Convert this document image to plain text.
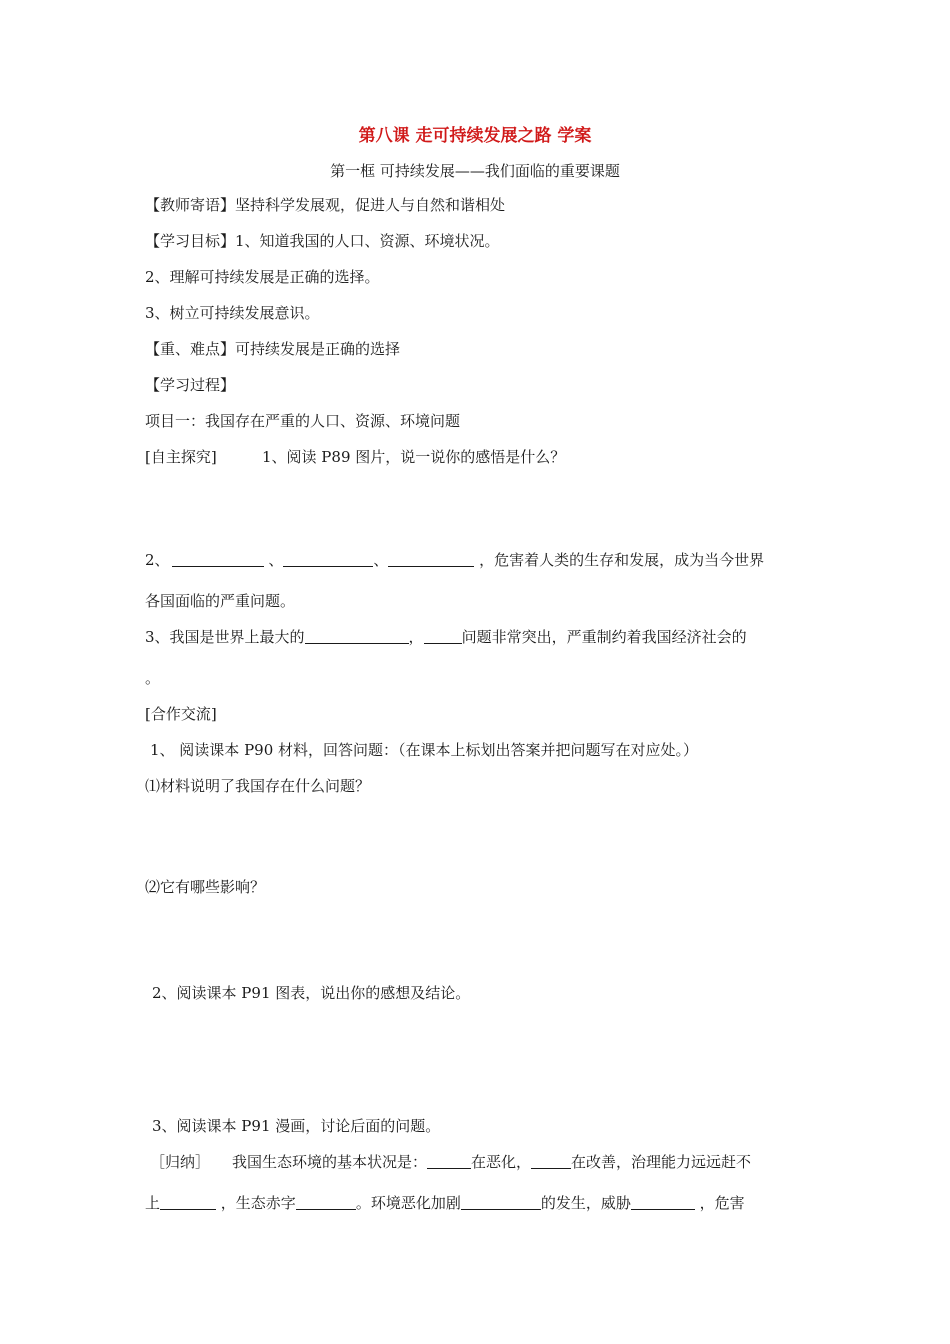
第八课 走可持续发展之路 学案
第一框 可持续发展——我们面临的重要课题
【教师寄语】坚持科学发展观，促进人与自然和谐相处
【学习目标】1、知道我国的人口、资源、环境状况。
2、理解可持续发展是正确的选择。
3、树立可持续发展意识。
【重、难点】可持续发展是正确的选择
【学习过程】
项目一：我国存在严重的人口、资源、环境问题
[自主探究]	1、阅读 P89 图片，说一说你的感悟是什么？
2、	、	、	，危害着人类的生存和发展，成为当今世界
各国面临的严重问题。
3、我国是世界上最大的	，	问题非常突出，严重制约着我国经济社会的
。
[合作交流]
1、 阅读课本 P90 材料，回答问题：（在课本上标划出答案并把问题写在对应处。）
⑴材料说明了我国存在什么问题？
⑵它有哪些影响？
2、阅读课本 P91 图表，说出你的感想及结论。
3、阅读课本 P91 漫画，讨论后面的问题。
［归纳］ 我国生态环境的基本状况是：	在恶化，	在改善，治理能力远远赶不
上	，生态赤字	。环境恶化加剧	的发生，威胁	，危害
